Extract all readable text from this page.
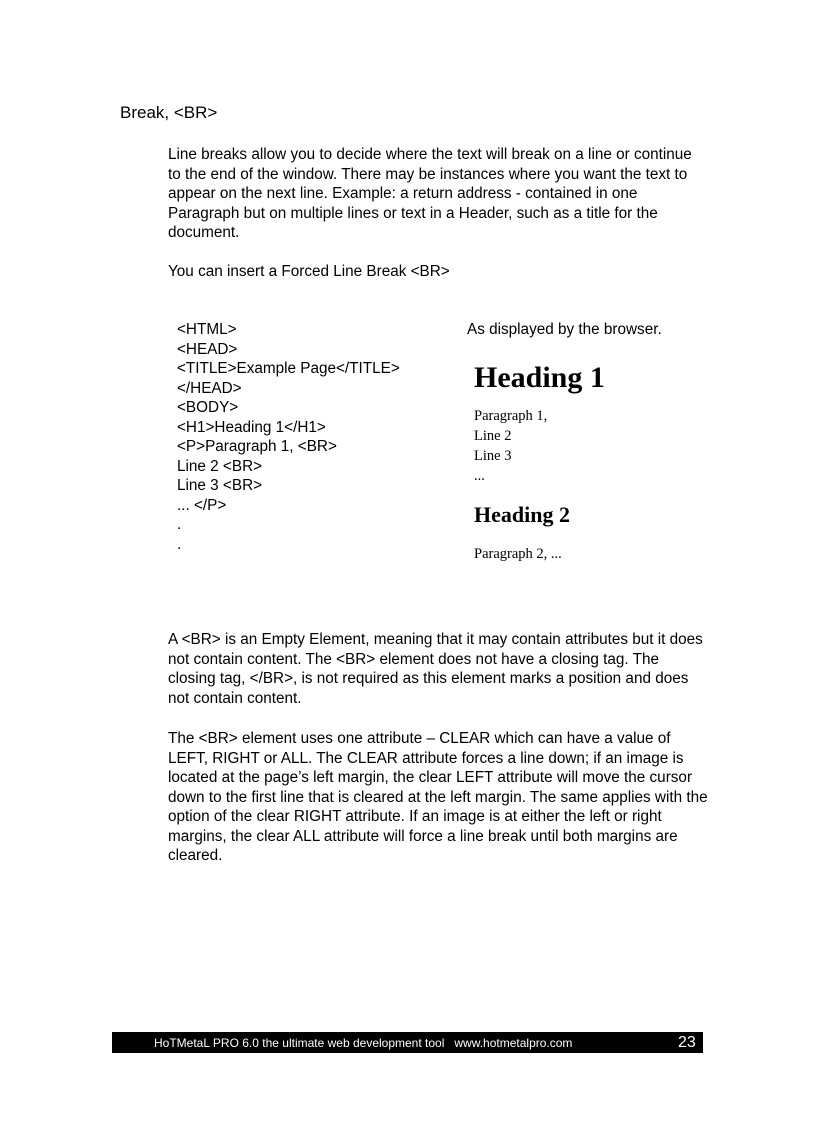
Break, <BR>

Line breaks allow you to decide where the text will break on a line or continue to the end of the window. There may be instances where you want the text to appear on the next line. Example: a return address - contained in one Paragraph but on multiple lines or text in a Header, such as a title for the document.

You can insert a Forced Line Break <BR>

<HTML>
<HEAD>
<TITLE>Example Page</TITLE>
</HEAD>
<BODY>
<H1>Heading 1</H1>
<P>Paragraph 1, <BR>
Line 2 <BR>
Line 3 <BR>
... </P>
.
.
As displayed by the browser.
Heading 1
Paragraph 1,
Line 2
Line 3
...
Heading 2
Paragraph 2, ...

A <BR> is an Empty Element, meaning that it may contain attributes but it does not contain content. The <BR> element does not have a closing tag. The closing tag, </BR>, is not required as this element marks a position and does not contain content.

The <BR> element uses one attribute – CLEAR which can have a value of LEFT, RIGHT or ALL. The CLEAR attribute forces a line down; if an image is located at the page’s left margin, the clear LEFT attribute will move the cursor down to the first line that is cleared at the left margin. The same applies with the option of the clear RIGHT attribute. If an image is at either the left or right margins, the clear ALL attribute will force a line break until both margins are cleared.

HoTMetaL PRO 6.0 the ultimate web development tool   www.hotmetalpro.com	23
